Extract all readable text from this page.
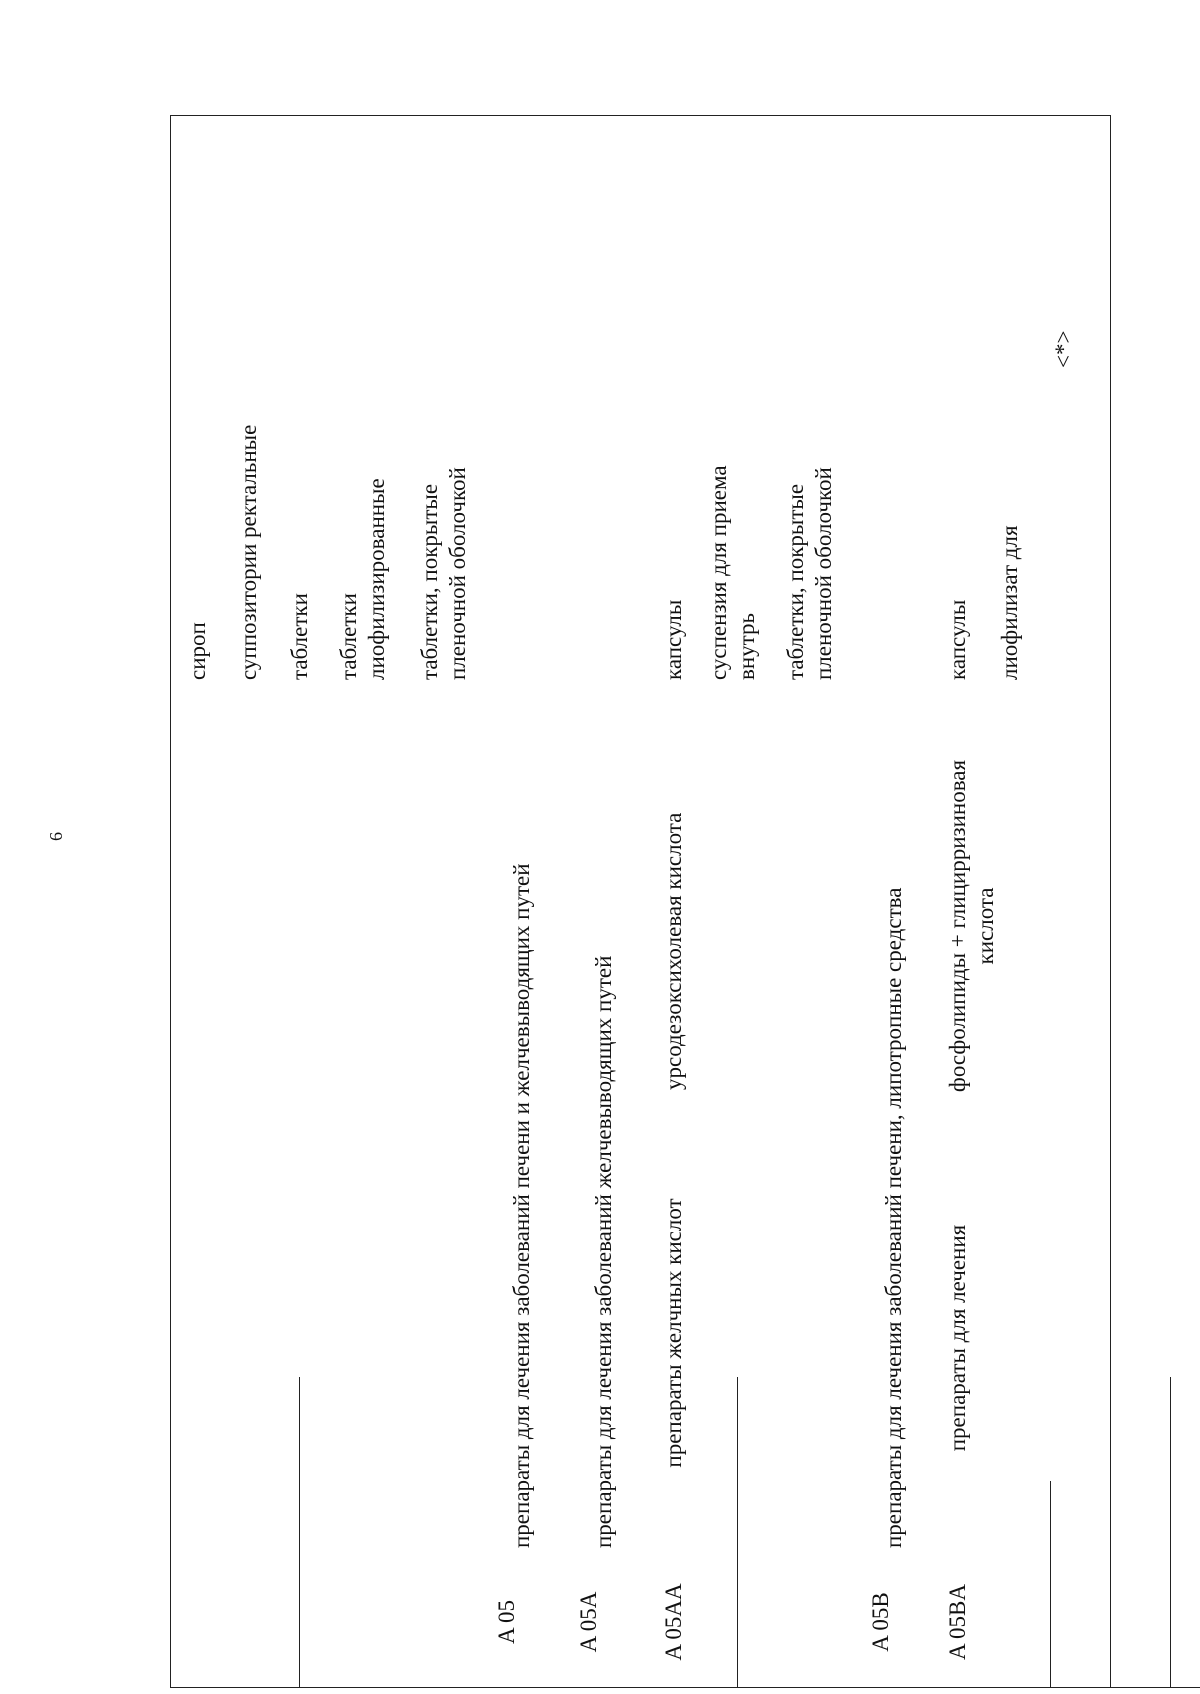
6
сироп суппозитории ректальные таблетки таблетки лиофилизированные таблетки, покрытые пленочной оболочкой
A 05
препараты для лечения заболеваний печени и желчевыводящих путей
A 05A
препараты для лечения заболеваний желчевыводящих путей
A 05AA
препараты желчных кислот
урсодезоксихолевая кислота
капсулы суспензия для приема внутрь таблетки, покрытые пленочной оболочкой
A 05B
препараты для лечения заболеваний печени, липотропные средства
A 05BA
препараты для лечения
фосфолипиды + глицирризиновая кислота
капсулы лиофилизат для
<*>
